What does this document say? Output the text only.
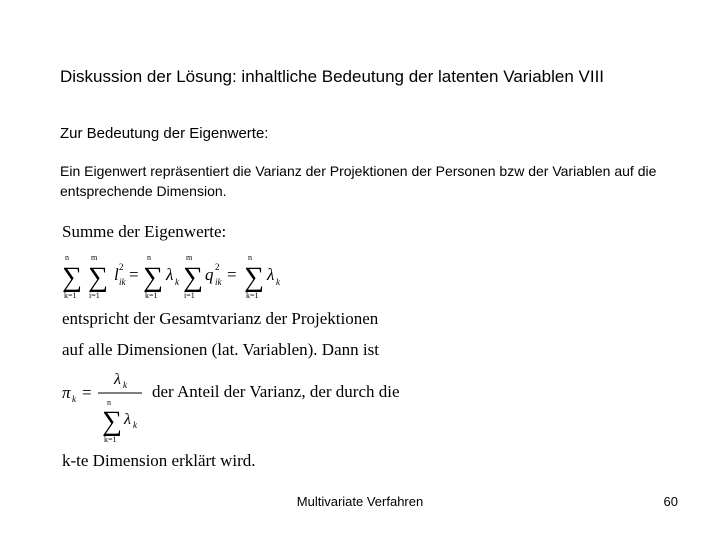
Diskussion der Lösung: inhaltliche Bedeutung der latenten Variablen VIII
Zur Bedeutung der Eigenwerte:
Ein Eigenwert repräsentiert die Varianz der Projektionen der Personen bzw der Variablen auf die entsprechende Dimension.
Summe der Eigenwerte:
n
∑
k=1
m
∑
i=1
l 2
ik =
n
∑
k=1
λ k
m
∑
i=1
q 2
ik =
n
∑
k=1
λ k
entspricht der Gesamtvarianz der Projektionen
auf alle Dimensionen (lat. Variablen). Dann ist
π k =
λ k
n
∑
k=1
λ k
der Anteil der Varianz, der durch die
k-te Dimension erklärt wird.
Multivariate Verfahren	60
